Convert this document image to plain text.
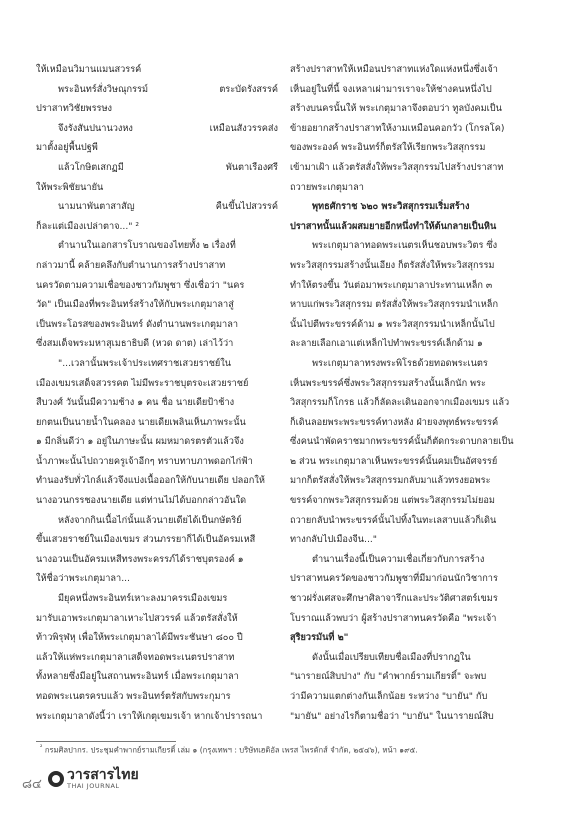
ให้เหมือนวิมานแมนสวรรค์
พระอินทร์สั่งวิษณุกรรม์	ตระบัดรังสรรค์
ปราสาทวิชัยพรรษง
จึงรังสันปนานวงหง	เหมือนสังวรรคส่ง
มาตั้งอยู่พื้นปฐพี
แล้วโกษิตเสกฏมี	พันตาเรืองศรี
ให้พระพิชัยนายัน
นามนาพันตาสาสัญ	คืนขึ้นไปสวรรค์
ก็ละแต่เมืองเปล่าตาจ..." ²
ตำนานในเอกสารโบราณของไทยทั้ง ๒ เรื่องที่
กล่าวมานี้ คล้ายคลึงกับตำนานการสร้างปราสาท
นครวัดตามความเชื่อของชาวกัมพูชา ซึ่งเชื่อว่า "นคร
วัด" เป็นเมืองที่พระอินทร์สร้างให้กับพระเกตุมาลาสู่
เป็นพระโอรสของพระอินทร์ ดังตำนานพระเกตุมาลา
ซึ่งสมเด็จพระมหาสุเมธาธิบดี (หวด ดาต) เล่าไว้ว่า
"...เวลานั้นพระเจ้าประเทศราชเสวยราชย์ใน
เมืองเขมรเสด็จสวรรคต ไม่มีพระราชบุตรจะเสวยราชย์
สืบวงศ์ วันนั้นมีความช้าง ๑ คน ชื่อ นายเดียป้าช้าง
ยกตนเป็นนายน้ำในคลอง นายเดียเพลินเห็นภาพระนั้น
๑ มีกลิ่นดีว่า ๑ อยู่ในภาษะนั้น ผมหมาดรตรตัวแล้วจึง
น้ำภาพะนั้นไปถวายครูเจ้าอีกๆ ทราบทาบภาพดอกไก่ฟ้า
ทำนองรับทั่วไกล์แล้วจึงแบ่งเนื้อออกให้กับนายเดีย ปลอกให้
นางอวนกรรชองนายเดีย แต่ท่านไม่ได้บอกกล่าวอันใด
หลังจากกินเนื้อไก่นั้นแล้วนายเดียได้เป็นกษัตริย์
ขึ้นเสวยราชย์ในเมืองเขมร ส่วนภรรยาก็ได้เป็นอัครมเหสี
นางอวนเป็นอัครมเหสีทรงพระครรภ์ได้ราชบุตรองค์ ๑
ให้ชื่อว่าพระเกตุมาลา...
มียุคหนึ่งพระอินทร์เหาะลงมาครรเมืองเขมร
มารับเอาพระเกตุมาลาเหาะไปสวรรค์ แล้วตรัสสั่งให้
ท้าวพิรุฬหุ เพื่อให้พระเกตุมาลาได้มีพระชันษา ๘๐๐ ปี
แล้วให้แห่พระเกตุมาลาเสด็จทอดพระเนตรปราสาท
ทั้งหลายซึ่งมีอยู่ในสถานพระอินทร์ เมื่อพระเกตุมาลา
ทอดพระเนตรครบแล้ว พระอินทร์ตรัสกับพระกุมาร
พระเกตุมาลาดังนี้ว่า เราให้เกตุเขมรเจ้า หากเจ้าปรารถนา
สร้างปราสาทให้เหมือนปราสาทแห่งใดแห่งหนึ่งซึ่งเจ้า
เห็นอยู่ในที่นี้ จงเหลาเผ่ามารเราจะให้ช่างคนหนึ่งไป
สร้างบนครนั้นให้ พระเกตุมาลาจึงตอบว่า ทูลบังคมเป็น
ข้ายอยากสร้างปราสาทให้งามเหมือนคอกวัว (โกรลโค)
ของพระองค์ พระอินทร์ก็ตรัสให้เรียกพระวิสสุกรรม
เข้ามาเฝ้า แล้วตรัสสั่งให้พระวิสสุกรรมไปสร้างปราสาท
ถวายพระเกตุมาลา
พุทธศักราช ๖๒๐ พระวิสสุกรรมเริ่มสร้าง
ปราสาทนั้นแล้วผสมยายอีกหนึ่งทำให้ต้นกลายเป็นหิน
พระเกตุมาลาทอดพระเนตรเห็นชอบพระวิตร ซึ่ง
พระวิสสุกรรมสร้างนั้นเอียง ก็ตรัสสั่งให้พระวิสสุกรรม
ทำให้ตรงขึ้น วันต่อมาพระเกตุมาลาประทานเหล็ก ๓
หาบแก่พระวิสสุกรรม ตรัสสั่งให้พระวิสสุกรรมนำเหล็ก
นั้นไปตีพระขรรค์ด้าม ๑ พระวิสสุกรรมนำเหล็กนั้นไป
ละลายเลือกเอาแต่เหล็กไปทำพระขรรค์เล็กด้าม ๑
พระเกตุมาลาทรงพระพิโรธด้วยทอดพระเนตร
เห็นพระขรรค์ซึ่งพระวิสสุกรรมสร้างนั้นเล็กนัก พระ
วิสสุกรรมก็โกรธ แล้วก็ลัดละเดินออกจากเมืองเขมร แล้ว
ก็เดินลอยพระพระขรรค์ทางหลัง ฝ่ายจงพุทธ์พระขรรค์
ซึ่งคนนำพัดคราชมากพระขรรค์นั้นก็ตัดกระดาบกลายเป็น
๒ ส่วน พระเกตุมาลาเห็นพระขรรค์นั้นคมเป็นอัศจรรย์
มากก็ตรัสสั่งให้พระวิสสุกรรมกลับมาแล้วทรงยอพระ
ขรรค์จากพระวิสสุกรรมด้วย แต่พระวิสสุกรรมไม่ยอม
ถวายกลับนำพระขรรค์นั้นไปทิ้งในทะเลสาบแล้วก็เดิน
ทางกลับไปเมืองจีน..."
ตำนานเรื่องนี้เป็นความเชื่อเกี่ยวกับการสร้าง
ปราสาทนครวัดของชาวกัมพูชาที่มีมาก่อนนักวิชาการ
ชาวฝรั่งเศสจะศึกษาศิลาจารึกและประวัติศาสตร์เขมร
โบราณแล้วพบว่า ผู้สร้างปราสาทนครวัดคือ "พระเจ้า
สุริยวรมันที่ ๒"
ดังนั้นเมื่อเปรียบเทียบชื่อเมืองที่ปรากฏใน
"นารายณ์สิบปาง" กับ "คำพากย์รามเกียรติ์" จะพบ
ว่ามีความแตกต่างกันเล็กน้อย ระหว่าง "บายัน" กับ
"มายัน" อย่างไรก็ตามชื่อว่า "บายัน" ในนารายณ์สิบ
$^{^2}$ กรมศิลปากร. ประชุมคำพากย์รามเกียรติ์ เล่ม ๑ (กรุงเทพฯ : บริษัทเฮดิอัล เพรส ไพรดักส์ จำกัด, ๒๕๔๖), หน้า ๑๙๕.
๘๔
วารสารไทย
THAI JOURNAL
